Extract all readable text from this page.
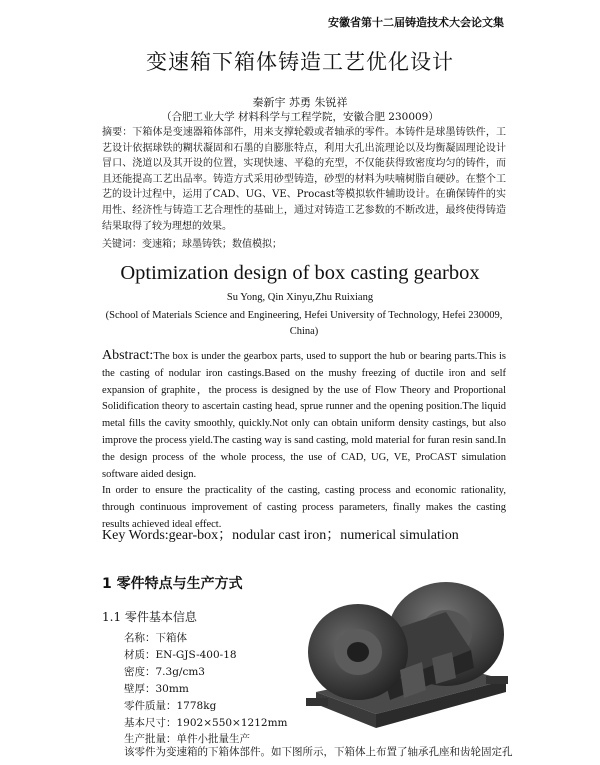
安徽省第十二届铸造技术大会论文集
变速箱下箱体铸造工艺优化设计
秦新宇 苏勇 朱锐祥
（合肥工业大学 材料科学与工程学院，安徽合肥 230009）
摘要：下箱体是变速器箱体部件，用来支撑轮毂或者轴承的零件。本铸件是球墨铸铁件，工艺设计依据球铁的糊状凝固和石墨的自膨胀特点，利用大孔出流理论以及均衡凝固理论设计冒口、浇道以及其开设的位置，实现快速、平稳的充型，不仅能获得致密度均匀的铸件，而且还能提高工艺出品率。铸造方式采用砂型铸造，砂型的材料为呋喃树脂自硬砂。在整个工艺的设计过程中，运用了CAD、UG、VE、Procast等模拟软件辅助设计。在确保铸件的实用性、经济性与铸造工艺合理性的基础上，通过对铸造工艺参数的不断改进，最终使得铸造结果取得了较为理想的效果。
关键词：变速箱；球墨铸铁；数值模拟；
Optimization design of box casting gearbox
Su Yong, Qin Xinyu,Zhu Ruixiang
(School of Materials Science and Engineering, Hefei University of Technology, Hefei 230009, China)

Abstract:The box is under the gearbox parts, used to support the hub or bearing parts.This is the casting of nodular iron castings.Based on the mushy freezing of ductile iron and self expansion of graphite，the process is designed by the use of Flow Theory and Proportional Solidification theory to ascertain casting head, sprue runner and the opening position.The liquid metal fills the cavity smoothly, quickly.Not only can obtain uniform density castings, but also improve the process yield.The casting way is sand casting, mold material for furan resin sand.In the design process of the whole process, the use of CAD, UG, VE, ProCAST simulation software aided design.

In order to ensure the practicality of the casting, casting process and economic rationality, through continuous improvement of casting process parameters, finally makes the casting results achieved ideal effect.

Key Words:gear-box；nodular cast iron；numerical simulation
1 零件特点与生产方式
1.1 零件基本信息
名称：下箱体
材质：EN-GJS-400-18
密度：7.3g/cm3
壁厚：30mm
零件质量：1778kg
基本尺寸：1902×550×1212mm
生产批量：单件小批量生产
该零件为变速箱的下箱体部件。如下图所示，下箱体上布置了轴承孔座和齿轮固定孔
